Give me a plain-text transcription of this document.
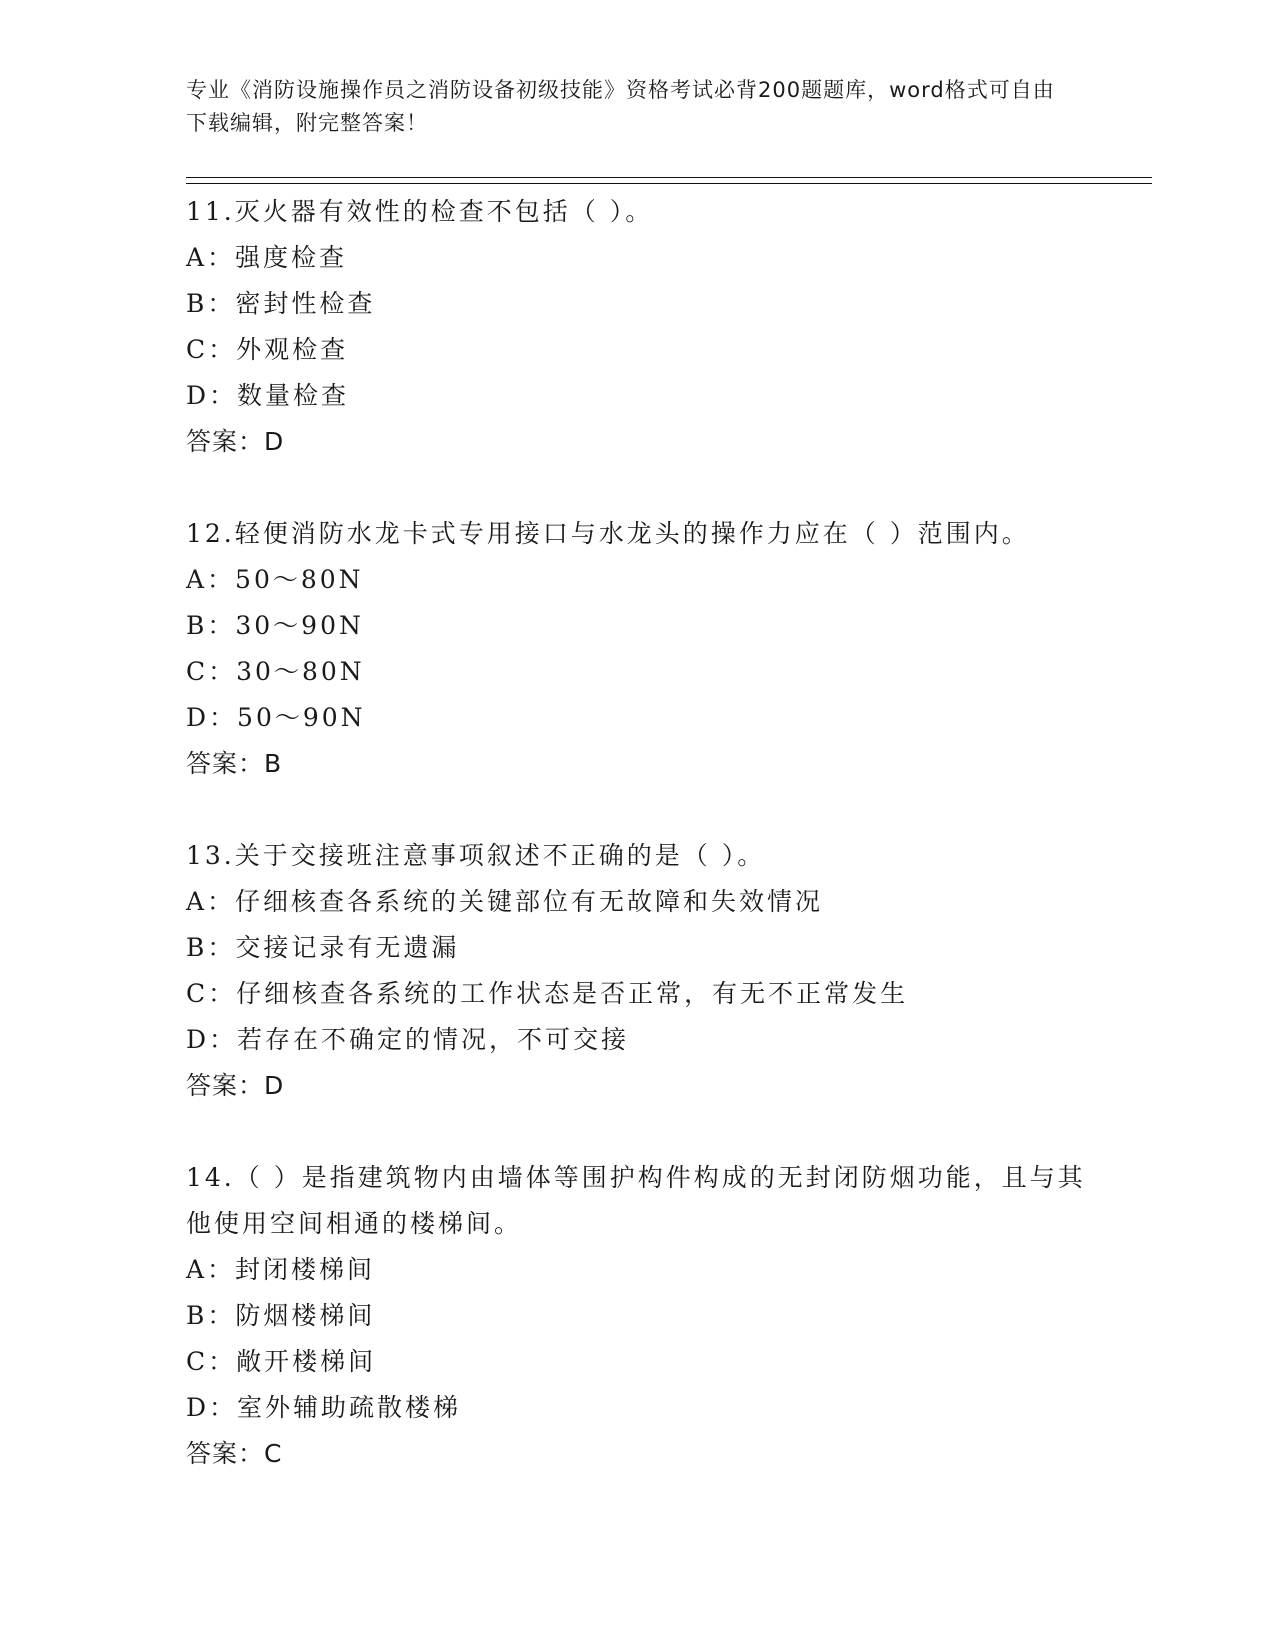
专业《消防设施操作员之消防设备初级技能》资格考试必背200题题库，word格式可自由下载编辑，附完整答案！
11.灭火器有效性的检查不包括（ ）。
A：强度检查
B：密封性检查
C：外观检查
D：数量检查
答案：D
12.轻便消防水龙卡式专用接口与水龙头的操作力应在（ ）范围内。
A：50～80N
B：30～90N
C：30～80N
D：50～90N
答案：B
13.关于交接班注意事项叙述不正确的是（ ）。
A：仔细核查各系统的关键部位有无故障和失效情况
B：交接记录有无遗漏
C：仔细核查各系统的工作状态是否正常，有无不正常发生
D：若存在不确定的情况，不可交接
答案：D
14.（ ）是指建筑物内由墙体等围护构件构成的无封闭防烟功能，且与其他使用空间相通的楼梯间。
A：封闭楼梯间
B：防烟楼梯间
C：敞开楼梯间
D：室外辅助疏散楼梯
答案：C
